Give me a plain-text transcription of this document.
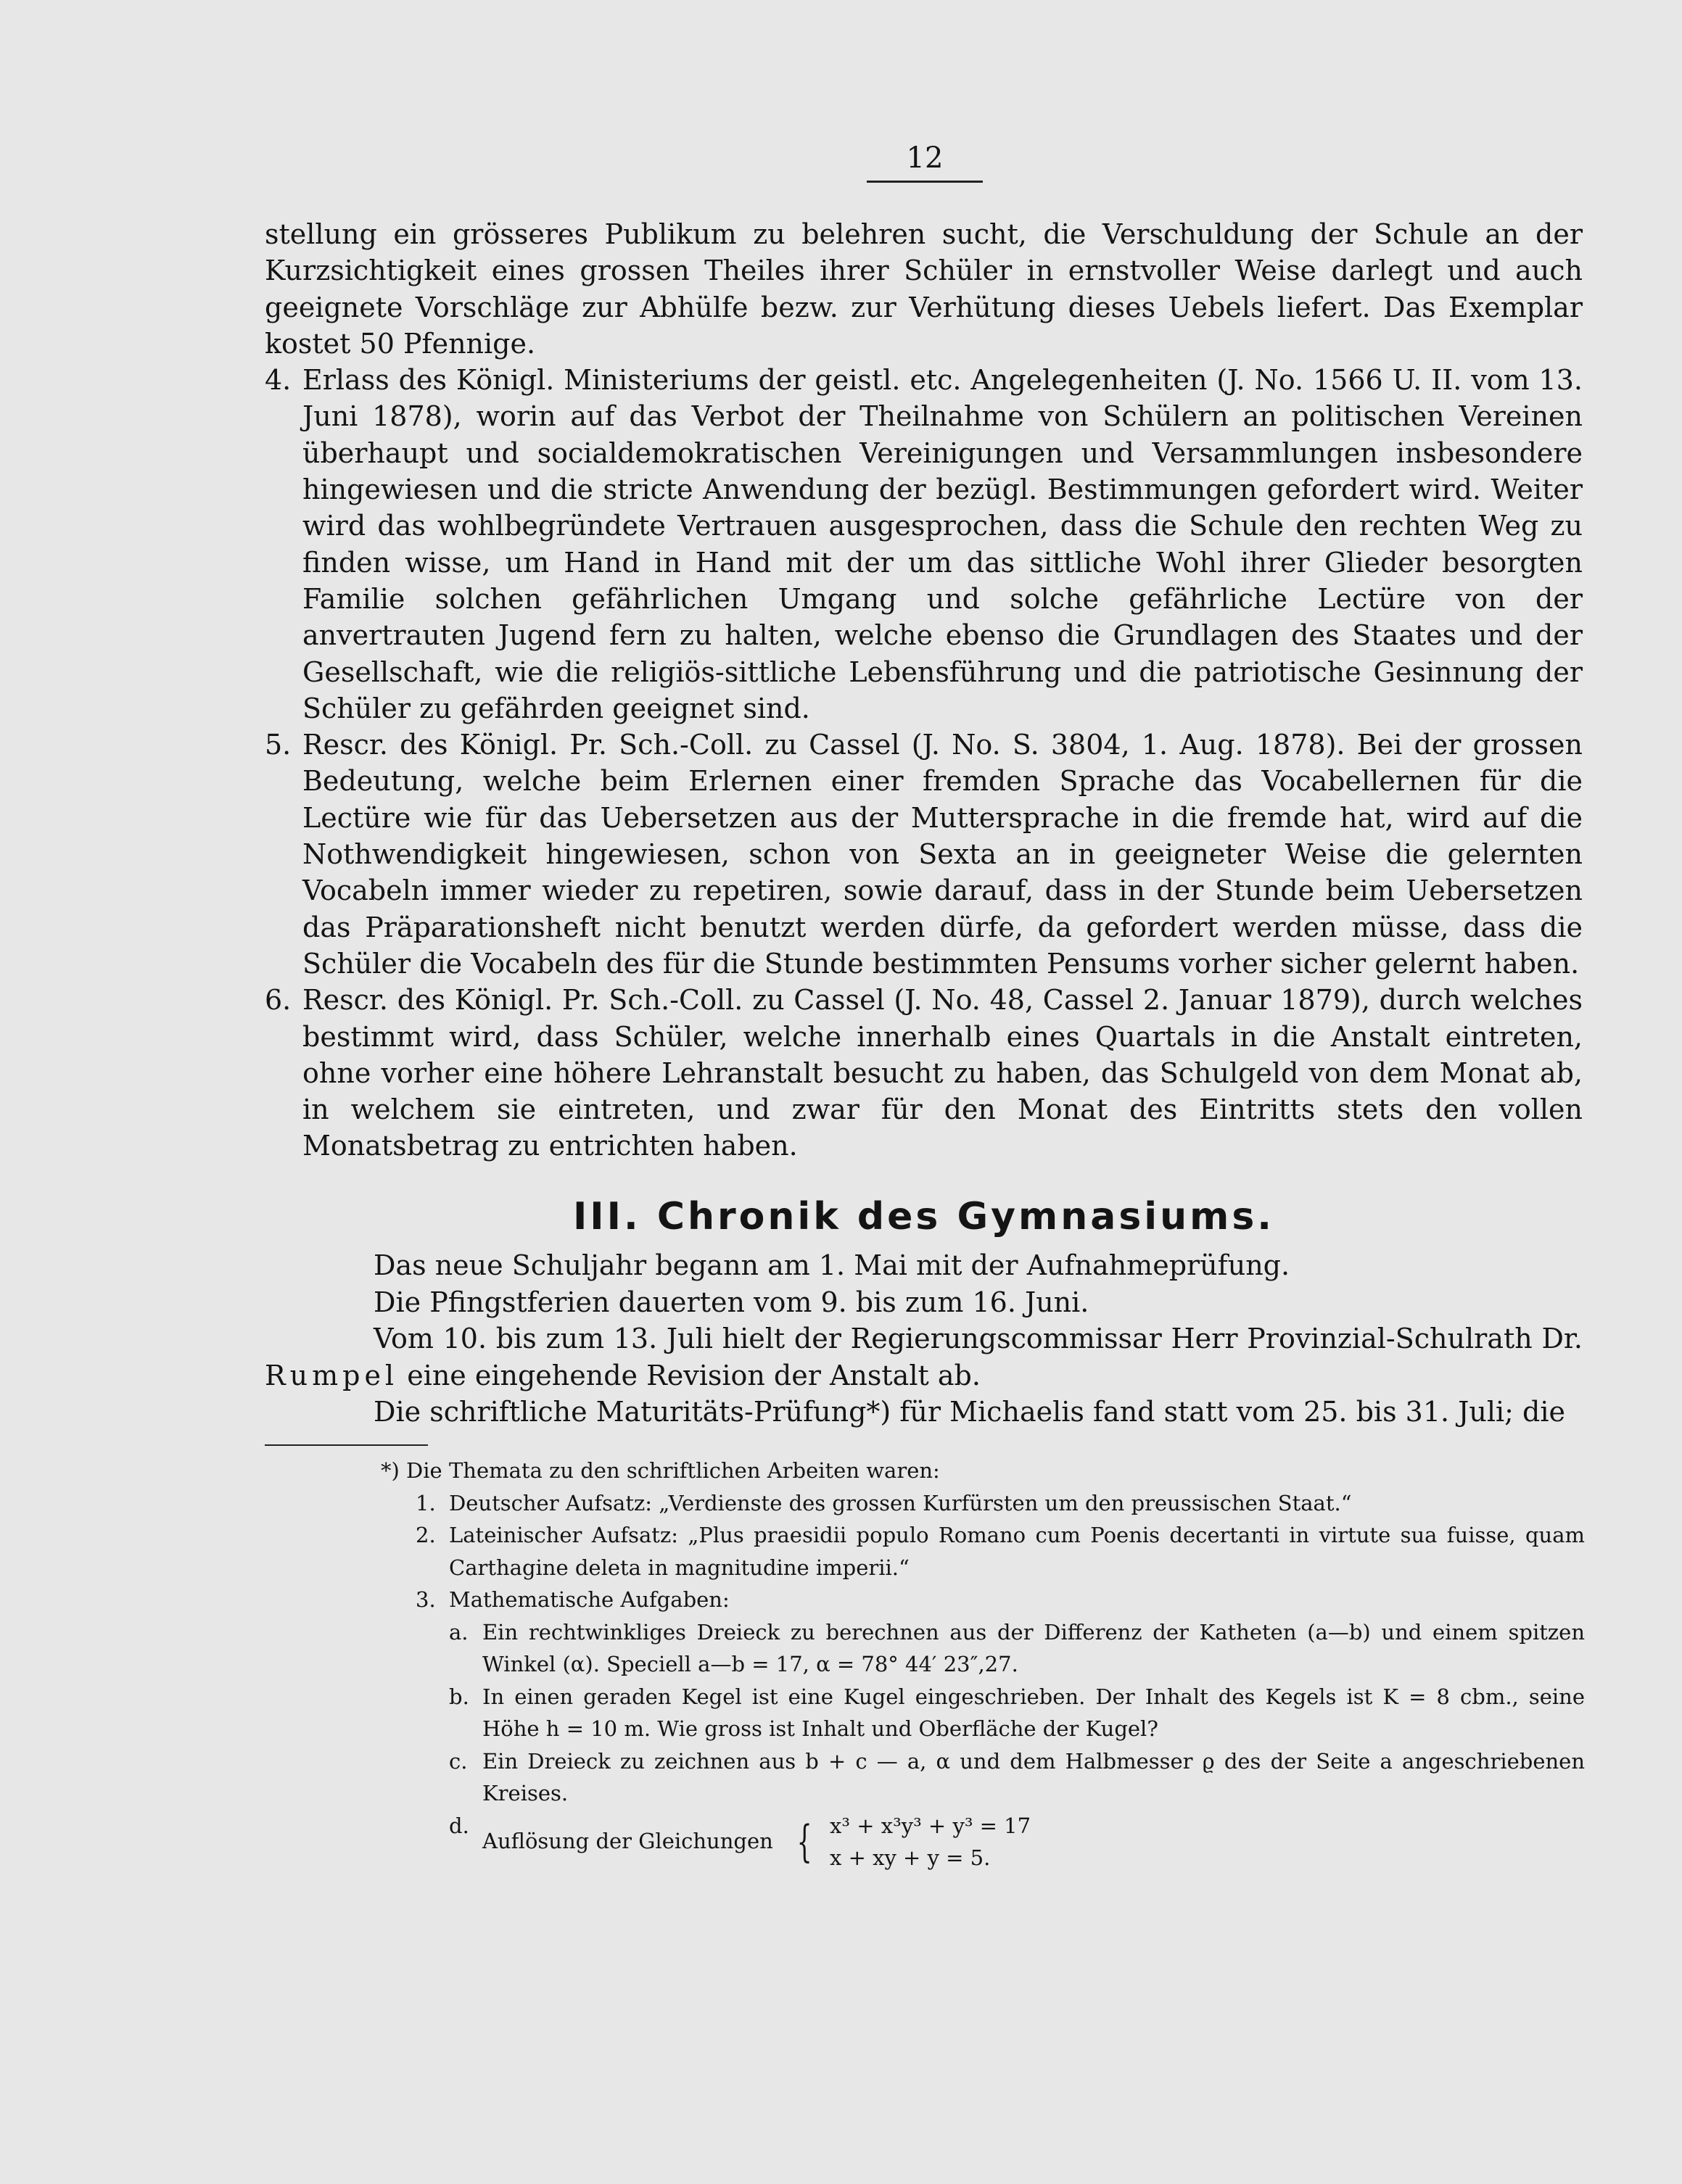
12

stellung ein grösseres Publikum zu belehren sucht, die Verschuldung der Schule an der Kurzsichtigkeit eines grossen Theiles ihrer Schüler in ernstvoller Weise darlegt und auch geeignete Vorschläge zur Abhülfe bezw. zur Verhütung dieses Uebels liefert. Das Exemplar kostet 50 Pfennige.

4. Erlass des Königl. Ministeriums der geistl. etc. Angelegenheiten (J. No. 1566 U. II. vom 13. Juni 1878), worin auf das Verbot der Theilnahme von Schülern an politischen Vereinen überhaupt und socialdemokratischen Vereinigungen und Versammlungen insbesondere hingewiesen und die stricte Anwendung der bezügl. Bestimmungen gefordert wird. Weiter wird das wohlbegründete Vertrauen ausgesprochen, dass die Schule den rechten Weg zu finden wisse, um Hand in Hand mit der um das sittliche Wohl ihrer Glieder besorgten Familie solchen gefährlichen Umgang und solche gefährliche Lectüre von der anvertrauten Jugend fern zu halten, welche ebenso die Grundlagen des Staates und der Gesellschaft, wie die religiös-sittliche Lebensführung und die patriotische Gesinnung der Schüler zu gefährden geeignet sind.
5. Rescr. des Königl. Pr. Sch.-Coll. zu Cassel (J. No. S. 3804, 1. Aug. 1878). Bei der grossen Bedeutung, welche beim Erlernen einer fremden Sprache das Vocabellernen für die Lectüre wie für das Uebersetzen aus der Muttersprache in die fremde hat, wird auf die Nothwendigkeit hingewiesen, schon von Sexta an in geeigneter Weise die gelernten Vocabeln immer wieder zu repetiren, sowie darauf, dass in der Stunde beim Uebersetzen das Präparationsheft nicht benutzt werden dürfe, da gefordert werden müsse, dass die Schüler die Vocabeln des für die Stunde bestimmten Pensums vorher sicher gelernt haben.
6. Rescr. des Königl. Pr. Sch.-Coll. zu Cassel (J. No. 48, Cassel 2. Januar 1879), durch welches bestimmt wird, dass Schüler, welche innerhalb eines Quartals in die Anstalt eintreten, ohne vorher eine höhere Lehranstalt besucht zu haben, das Schulgeld von dem Monat ab, in welchem sie eintreten, und zwar für den Monat des Eintritts stets den vollen Monatsbetrag zu entrichten haben.
III. Chronik des Gymnasiums.
Das neue Schuljahr begann am 1. Mai mit der Aufnahmeprüfung.
Die Pfingstferien dauerten vom 9. bis zum 16. Juni.
Vom 10. bis zum 13. Juli hielt der Regierungscommissar Herr Provinzial-Schulrath Dr. Rumpel eine eingehende Revision der Anstalt ab.
Die schriftliche Maturitäts-Prüfung*) für Michaelis fand statt vom 25. bis 31. Juli; die
*) Die Themata zu den schriftlichen Arbeiten waren:
1. Deutscher Aufsatz: „Verdienste des grossen Kurfürsten um den preussischen Staat.“
2. Lateinischer Aufsatz: „Plus praesidii populo Romano cum Poenis decertanti in virtute sua fuisse, quam Carthagine deleta in magnitudine imperii.“
3. Mathematische Aufgaben:
a. Ein rechtwinkliges Dreieck zu berechnen aus der Differenz der Katheten (a—b) und einem spitzen Winkel (α). Speciell a—b = 17, α = 78° 44′ 23″,27.
b. In einen geraden Kegel ist eine Kugel eingeschrieben. Der Inhalt des Kegels ist K = 8 cbm., seine Höhe h = 10 m. Wie gross ist Inhalt und Oberfläche der Kugel?
c. Ein Dreieck zu zeichnen aus b + c — a, α und dem Halbmesser ϱ des der Seite a angeschriebenen Kreises.
d.
Auflösung der Gleichungen { x³ + x³y³ + y³ = 17
x + xy + y = 5.
